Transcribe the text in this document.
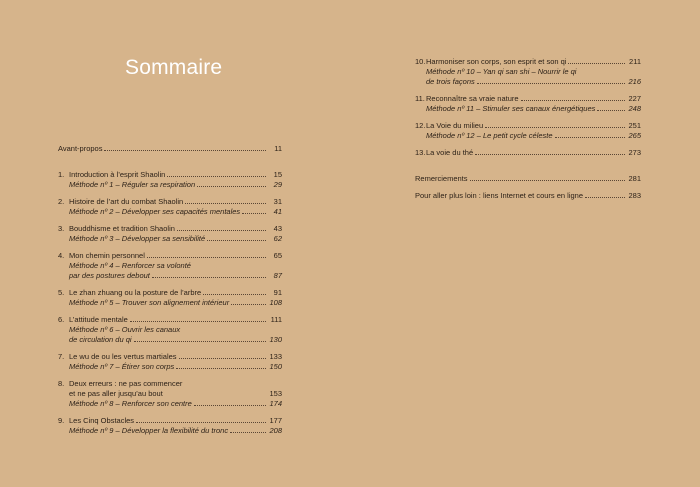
Sommaire
Avant-propos	11
1. Introduction à l’esprit Shaolin	15
Méthode nº 1 – Réguler sa respiration	29
2. Histoire de l’art du combat Shaolin	31
Méthode nº 2 – Développer ses capacités mentales	41
3. Bouddhisme et tradition Shaolin	43
Méthode nº 3 – Développer sa sensibilité	62
4. Mon chemin personnel	65
Méthode nº 4 – Renforcer sa volonté
par des postures debout	87
5. Le zhan zhuang ou la posture de l’arbre	91
Méthode nº 5 – Trouver son alignement intérieur	108
6. L’attitude mentale	111
Méthode nº 6 – Ouvrir les canaux
de circulation du qi	130
7. Le wu de ou les vertus martiales	133
Méthode nº 7 – Étirer son corps	150
8. Deux erreurs : ne pas commencer
et ne pas aller jusqu’au bout	153
Méthode nº 8 – Renforcer son centre	174
9. Les Cinq Obstacles	177
Méthode nº 9 – Développer la flexibilité du tronc	208
10. Harmoniser son corps, son esprit et son qi	211
Méthode nº 10 – Yan qi san shi – Nourrir le qi
de trois façons	216
11. Reconnaître sa vraie nature	227
Méthode nº 11 – Stimuler ses canaux énergétiques	248
12. La Voie du milieu	251
Méthode nº 12 – Le petit cycle céleste	265
13. La voie du thé	273
Remerciements	281
Pour aller plus loin : liens Internet et cours en ligne	283
